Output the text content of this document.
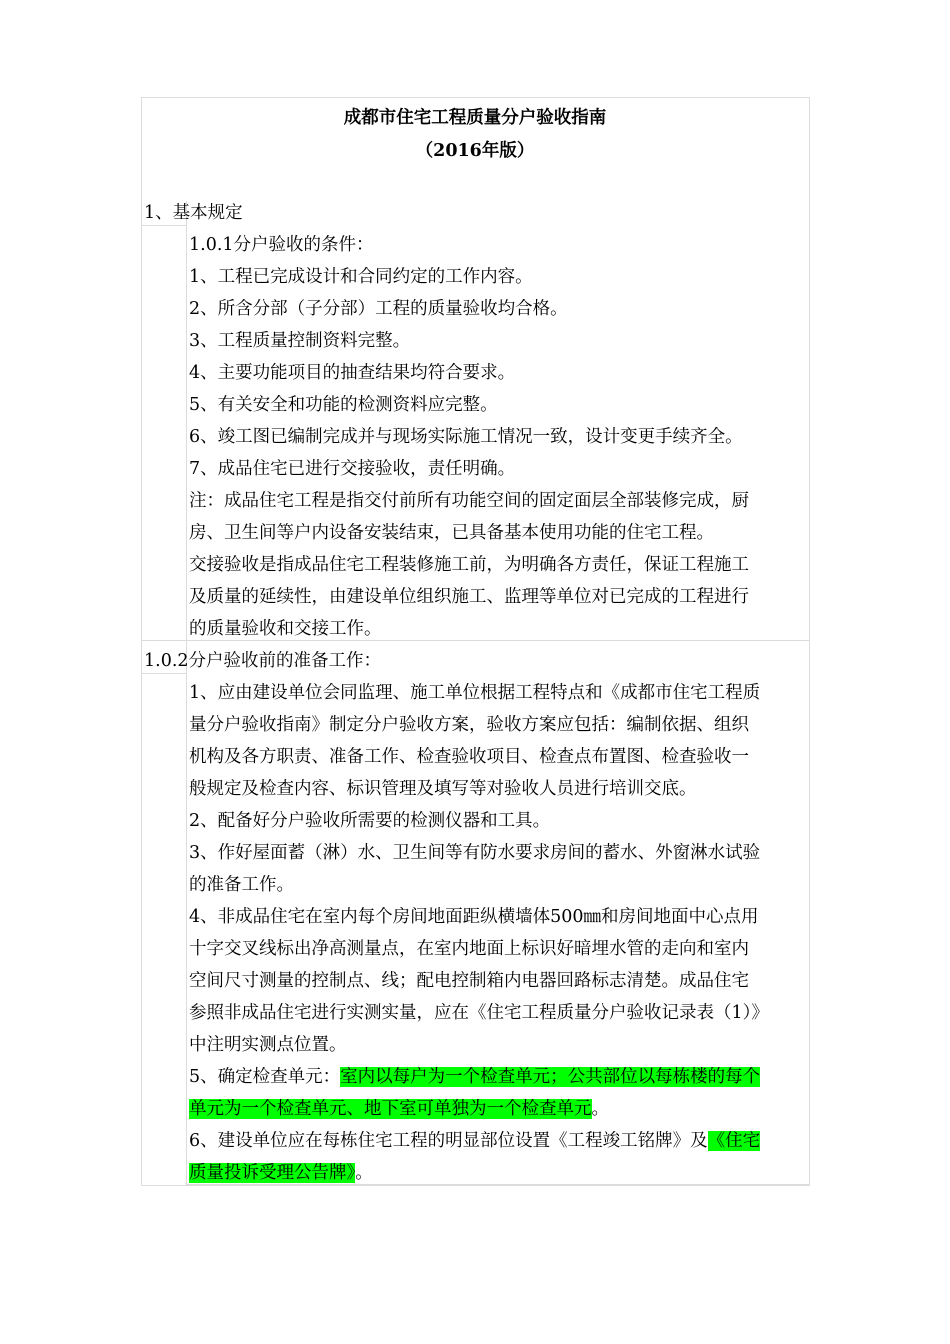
成都市住宅工程质量分户验收指南
（2016年版）
1、基本规定
1.0.1分户验收的条件：
1、工程已完成设计和合同约定的工作内容。
2、所含分部（子分部）工程的质量验收均合格。
3、工程质量控制资料完整。
4、主要功能项目的抽查结果均符合要求。
5、有关安全和功能的检测资料应完整。
6、竣工图已编制完成并与现场实际施工情况一致，设计变更手续齐全。
7、成品住宅已进行交接验收，责任明确。
注：成品住宅工程是指交付前所有功能空间的固定面层全部装修完成，厨
房、卫生间等户内设备安装结束，已具备基本使用功能的住宅工程。
交接验收是指成品住宅工程装修施工前，为明确各方责任，保证工程施工
及质量的延续性，由建设单位组织施工、监理等单位对已完成的工程进行
的质量验收和交接工作。
1.0.2分户验收前的准备工作：
1、应由建设单位会同监理、施工单位根据工程特点和《成都市住宅工程质
量分户验收指南》制定分户验收方案，验收方案应包括：编制依据、组织
机构及各方职责、准备工作、检查验收项目、检查点布置图、检查验收一
般规定及检查内容、标识管理及填写等对验收人员进行培训交底。
2、配备好分户验收所需要的检测仪器和工具。
3、作好屋面蓄（淋）水、卫生间等有防水要求房间的蓄水、外窗淋水试验
的准备工作。
4、非成品住宅在室内每个房间地面距纵横墙体500㎜和房间地面中心点用
十字交叉线标出净高测量点，在室内地面上标识好暗埋水管的走向和室内
空间尺寸测量的控制点、线；配电控制箱内电器回路标志清楚。成品住宅
参照非成品住宅进行实测实量，应在《住宅工程质量分户验收记录表（1）》
中注明实测点位置。
5、确定检查单元：室内以每户为一个检查单元；公共部位以每栋楼的每个
单元为一个检查单元、地下室可单独为一个检查单元。
6、建设单位应在每栋住宅工程的明显部位设置《工程竣工铭牌》及《住宅
质量投诉受理公告牌》。
